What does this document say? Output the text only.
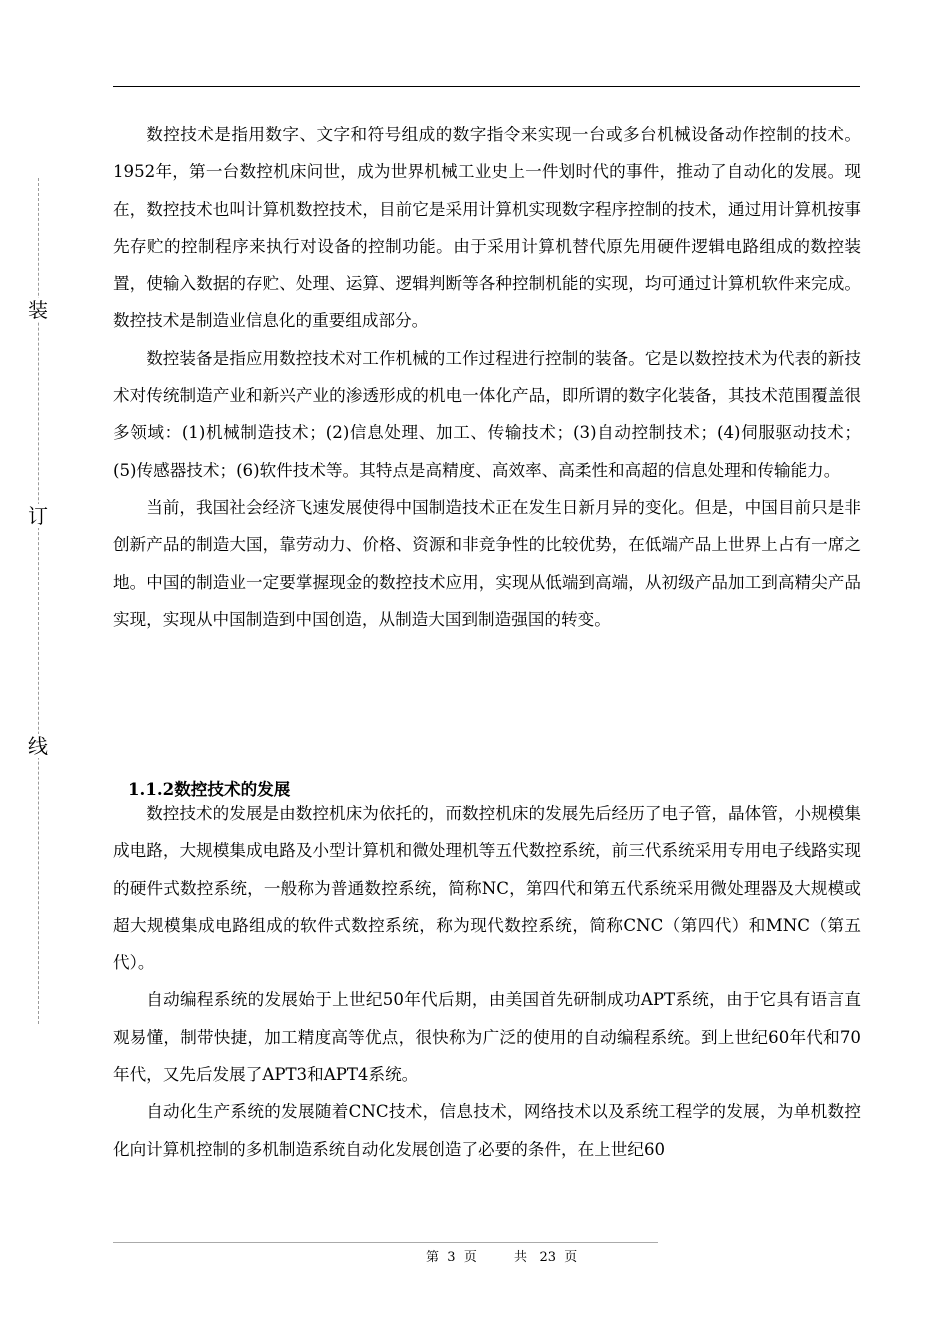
装
订
线

数控技术是指用数字、文字和符号组成的数字指令来实现一台或多台机械设备动作控制的技术。1952年，第一台数控机床问世，成为世界机械工业史上一件划时代的事件，推动了自动化的发展。现在，数控技术也叫计算机数控技术，目前它是采用计算机实现数字程序控制的技术，通过用计算机按事先存贮的控制程序来执行对设备的控制功能。由于采用计算机替代原先用硬件逻辑电路组成的数控装置，使输入数据的存贮、处理、运算、逻辑判断等各种控制机能的实现，均可通过计算机软件来完成。数控技术是制造业信息化的重要组成部分。

数控装备是指应用数控技术对工作机械的工作过程进行控制的装备。它是以数控技术为代表的新技术对传统制造产业和新兴产业的渗透形成的机电一体化产品，即所谓的数字化装备，其技术范围覆盖很多领域：(1)机械制造技术；(2)信息处理、加工、传输技术；(3)自动控制技术；(4)伺服驱动技术；(5)传感器技术；(6)软件技术等。其特点是高精度、高效率、高柔性和高超的信息处理和传输能力。

当前，我国社会经济飞速发展使得中国制造技术正在发生日新月异的变化。但是，中国目前只是非创新产品的制造大国，靠劳动力、价格、资源和非竞争性的比较优势，在低端产品上世界上占有一席之地。中国的制造业一定要掌握现金的数控技术应用，实现从低端到高端，从初级产品加工到高精尖产品实现，实现从中国制造到中国创造，从制造大国到制造强国的转变。

1.1.2数控技术的发展

数控技术的发展是由数控机床为依托的，而数控机床的发展先后经历了电子管，晶体管，小规模集成电路，大规模集成电路及小型计算机和微处理机等五代数控系统，前三代系统采用专用电子线路实现的硬件式数控系统，一般称为普通数控系统，简称NC，第四代和第五代系统采用微处理器及大规模或超大规模集成电路组成的软件式数控系统，称为现代数控系统，简称CNC（第四代）和MNC（第五代）。

自动编程系统的发展始于上世纪50年代后期，由美国首先研制成功APT系统，由于它具有语言直观易懂，制带快捷，加工精度高等优点，很快称为广泛的使用的自动编程系统。到上世纪60年代和70年代，又先后发展了APT3和APT4系统。

自动化生产系统的发展随着CNC技术，信息技术，网络技术以及系统工程学的发展，为单机数控化向计算机控制的多机制造系统自动化发展创造了必要的条件，在上世纪60

第 3 页	共 23 页
